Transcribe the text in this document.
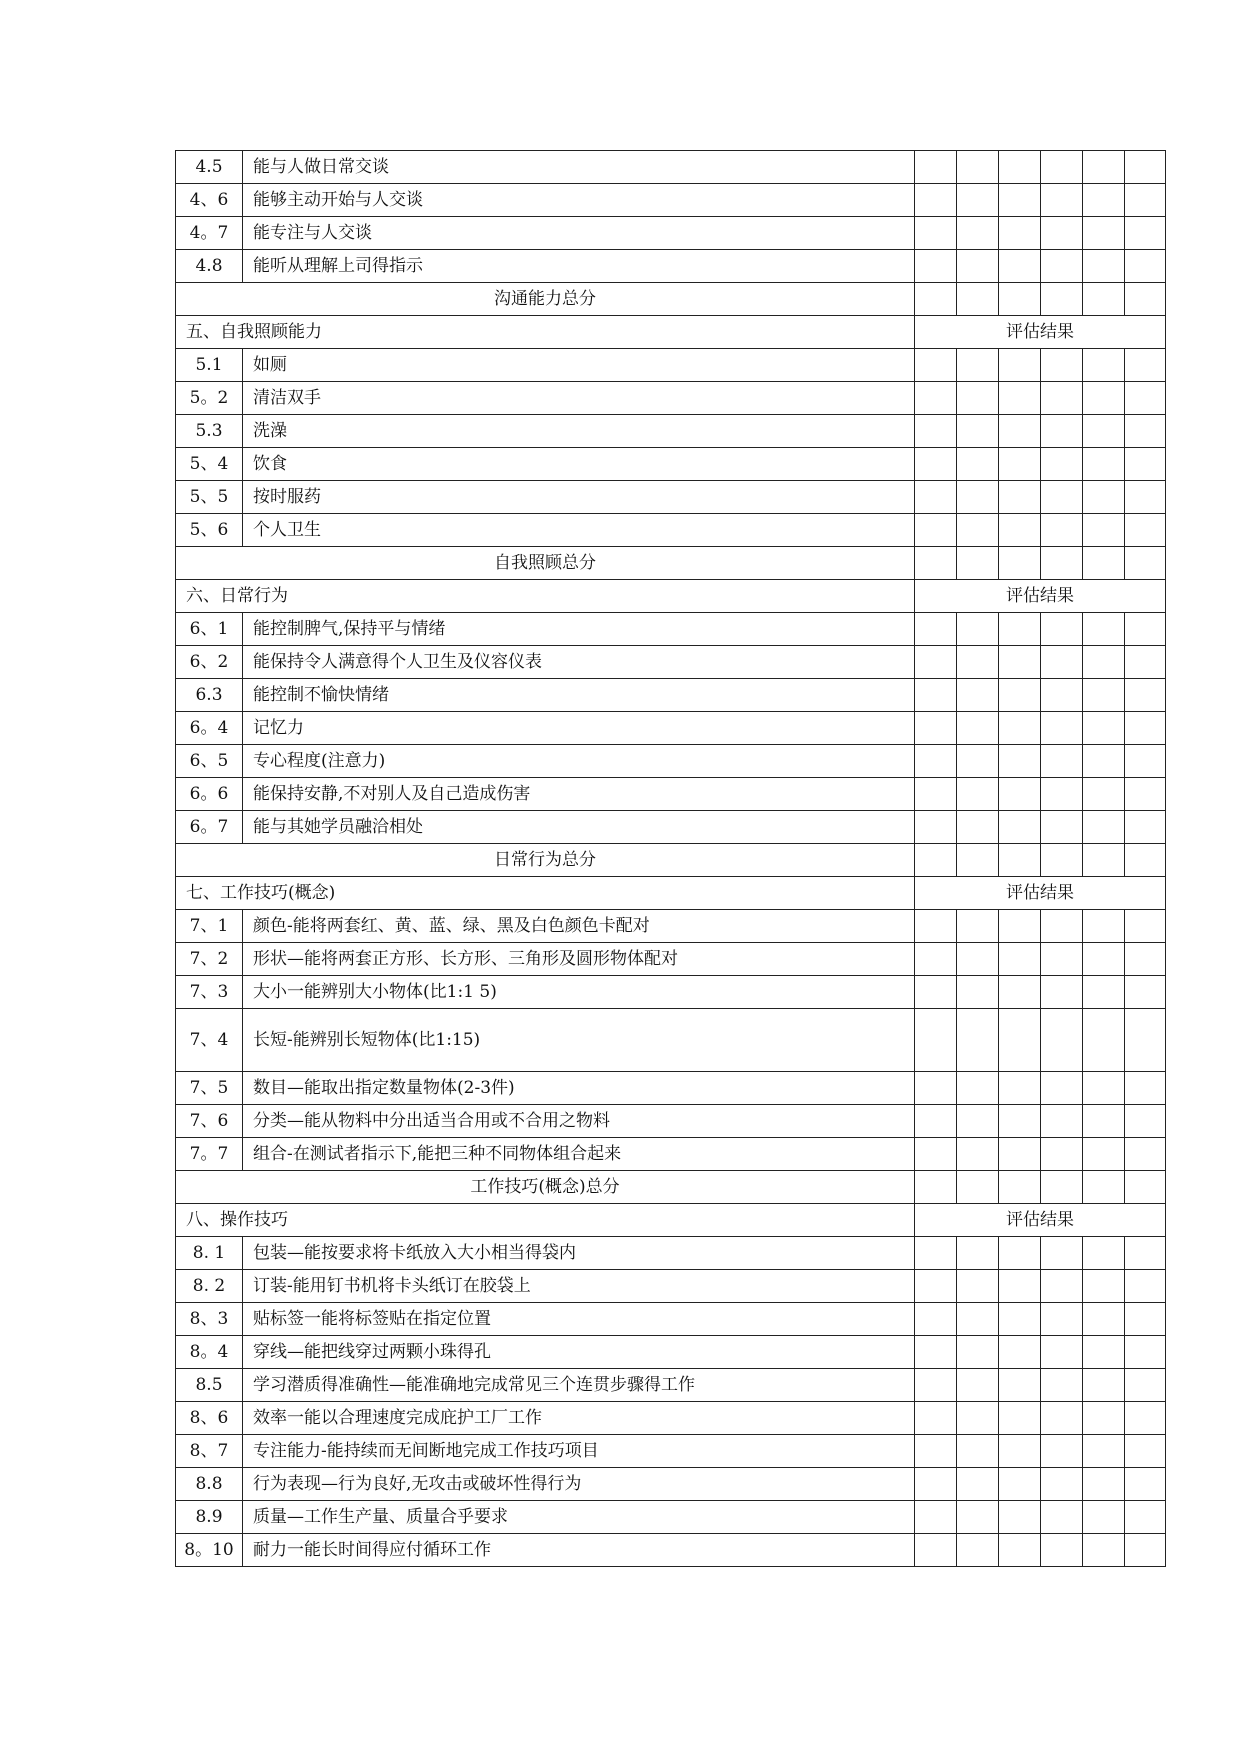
4.5	能与人做日常交谈						
4、6	能够主动开始与人交谈						
4。7	能专注与人交谈						
4.8	能听从理解上司得指示						
沟通能力总分							
五、自我照顾能力		评估结果					
5.1	如厕						
5。2	清洁双手						
5.3	洗澡						
5、4	饮食						
5、5	按时服药						
5、6	个人卫生						
自我照顾总分							
六、日常行为		评估结果					
6、1	能控制脾气,保持平与情绪						
6、2	能保持令人满意得个人卫生及仪容仪表						
6.3	能控制不愉快情绪						
6。4	记忆力						
6、5	专心程度(注意力)						
6。6	能保持安静,不对别人及自己造成伤害						
6。7	能与其她学员融洽相处						
日常行为总分							
七、工作技巧(概念)		评估结果					
7、1	颜色-能将两套红、黄、蓝、绿、黑及白色颜色卡配对						
7、2	形状—能将两套正方形、长方形、三角形及圆形物体配对						
7、3	大小一能辨别大小物体(比1:1 5)						

7、4	长短-能辨别长短物体(比1:15)						
7、5	数目—能取出指定数量物体(2-3件)						
7、6	分类—能从物料中分出适当合用或不合用之物料						
7。7	组合-在测试者指示下,能把三种不同物体组合起来						
工作技巧(概念)总分							
八、操作技巧		评估结果					
8. 1	包装—能按要求将卡纸放入大小相当得袋内						
8. 2	订装-能用钉书机将卡头纸订在胶袋上						
8、3	贴标签一能将标签贴在指定位置						
8。4	穿线—能把线穿过两颗小珠得孔						
8.5	学习潜质得准确性—能准确地完成常见三个连贯步骤得工作						
8、6	效率一能以合理速度完成庇护工厂工作						
8、7	专注能力-能持续而无间断地完成工作技巧项目						
8.8	行为表现—行为良好,无攻击或破坏性得行为						
8.9	质量—工作生产量、质量合乎要求						
8。10	耐力一能长时间得应付循环工作						
